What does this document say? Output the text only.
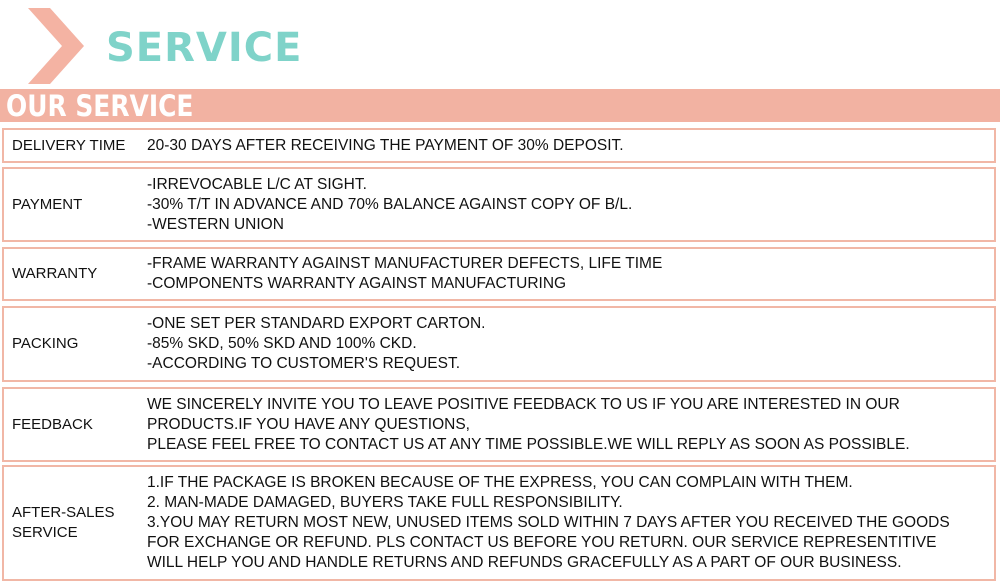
SERVICE
OUR SERVICE
DELIVERY TIME 20-30 DAYS AFTER RECEIVING THE PAYMENT OF 30% DEPOSIT.
PAYMENT
-IRREVOCABLE L/C AT SIGHT.
-30% T/T IN ADVANCE AND 70% BALANCE AGAINST COPY OF B/L.
-WESTERN UNION
WARRANTY
-FRAME WARRANTY AGAINST MANUFACTURER DEFECTS, LIFE TIME
-COMPONENTS WARRANTY AGAINST MANUFACTURING
PACKING
-ONE SET PER STANDARD EXPORT CARTON.
-85% SKD, 50% SKD AND 100% CKD.
-ACCORDING TO CUSTOMER'S REQUEST.
FEEDBACK
WE SINCERELY INVITE YOU TO LEAVE POSITIVE FEEDBACK TO US IF YOU ARE INTERESTED IN OUR
PRODUCTS.IF YOU HAVE ANY QUESTIONS,
PLEASE FEEL FREE TO CONTACT US AT ANY TIME POSSIBLE.WE WILL REPLY AS SOON AS POSSIBLE.
AFTER-SALES
SERVICE
1.IF THE PACKAGE IS BROKEN BECAUSE OF THE EXPRESS, YOU CAN COMPLAIN WITH THEM.
2. MAN-MADE DAMAGED, BUYERS TAKE FULL RESPONSIBILITY.
3.YOU MAY RETURN MOST NEW, UNUSED ITEMS SOLD WITHIN 7 DAYS AFTER YOU RECEIVED THE GOODS
FOR EXCHANGE OR REFUND. PLS CONTACT US BEFORE YOU RETURN. OUR SERVICE REPRESENTITIVE
WILL HELP YOU AND HANDLE RETURNS AND REFUNDS GRACEFULLY AS A PART OF OUR BUSINESS.
